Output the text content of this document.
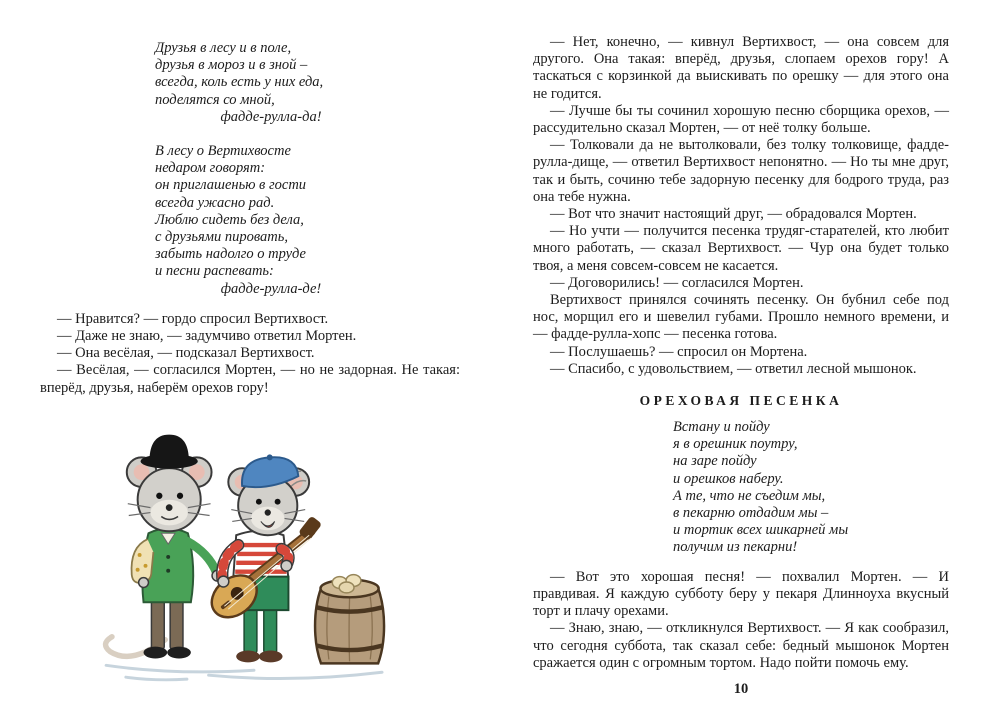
Друзья в лесу и в поле,
друзья в мороз и в зной –
всегда, коль есть у них еда,
поделятся со мной,
фадде-рулла-да!
В лесу о Вертихвосте
недаром говорят:
он приглашенью в гости
всегда ужасно рад.
Люблю сидеть без дела,
с друзьями пировать,
забыть надолго о труде
и песни распевать:
фадде-рулла-де!
— Нравится? — гордо спросил Вертихвост.
— Даже не знаю, — задумчиво ответил Мортен.
— Она весёлая, — подсказал Вертихвост.
— Весёлая, — согласился Мортен, — но не задорная. Не такая: вперёд, друзья, наберём орехов гору!
— Нет, конечно, — кивнул Вертихвост, — она совсем для другого. Она такая: вперёд, друзья, слопаем орехов гору! А таскаться с корзинкой да выискивать по орешку — для этого она не годится.
— Лучше бы ты сочинил хорошую песню сборщика орехов, — рассудительно сказал Мортен, — от неё толку больше.
— Толковали да не вытолковали, без толку толковище, фадде-рулла-дище, — ответил Вертихвост непонятно. — Но ты мне друг, так и быть, сочиню тебе задорную песенку для бодрого труда, раз она тебе нужна.
— Вот что значит настоящий друг, — обрадовался Мортен.
— Но учти — получится песенка трудяг-старателей, кто любит много работать, — сказал Вертихвост. — Чур она будет только твоя, а меня совсем-совсем не касается.
— Договорились! — согласился Мортен.
Вертихвост принялся сочинять песенку. Он бубнил себе под нос, морщил его и шевелил губами. Прошло немного времени, и — фадде-рулла-хопс — песенка готова.
— Послушаешь? — спросил он Мортена.
— Спасибо, с удовольствием, — ответил лесной мышонок.
ОРЕХОВАЯ ПЕСЕНКА
Встану и пойду
я в орешник поутру,
на заре пойду
и орешков наберу.
А те, что не съедим мы,
в пекарню отдадим мы –
и тортик всех шикарней мы
получим из пекарни!
— Вот это хорошая песня! — похвалил Мортен. — И правдивая. Я каждую субботу беру у пекаря Длинноуха вкусный торт и плачу орехами.
— Знаю, знаю, — откликнулся Вертихвост. — Я как сообразил, что сегодня суббота, так сказал себе: бедный мышонок Мортен сражается один с огромным тортом. Надо пойти помочь ему.
10
